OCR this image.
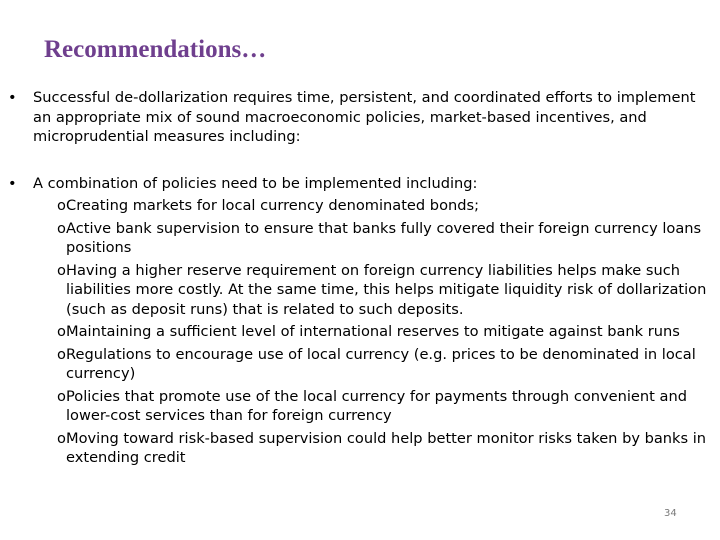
Recommendations…
• Successful de-dollarization requires time, persistent, and coordinated efforts to implement an appropriate mix of sound macroeconomic policies, market-based incentives, and microprudential measures including:
• A combination of policies need to be implemented including:
o Creating markets for local currency denominated bonds;
o Active bank supervision to ensure that banks fully covered their foreign currency loans positions
o Having a higher reserve requirement on foreign currency liabilities helps make such liabilities more costly. At the same time, this helps mitigate liquidity risk of dollarization (such as deposit runs) that is related to such deposits.
o Maintaining a sufficient level of international reserves to mitigate against bank runs
o Regulations to encourage use of local currency (e.g. prices to be denominated in local currency)
o Policies that promote use of the local currency for payments through convenient and lower-cost services than for foreign currency
o Moving toward risk-based supervision could help better monitor risks taken by banks in extending credit
34
